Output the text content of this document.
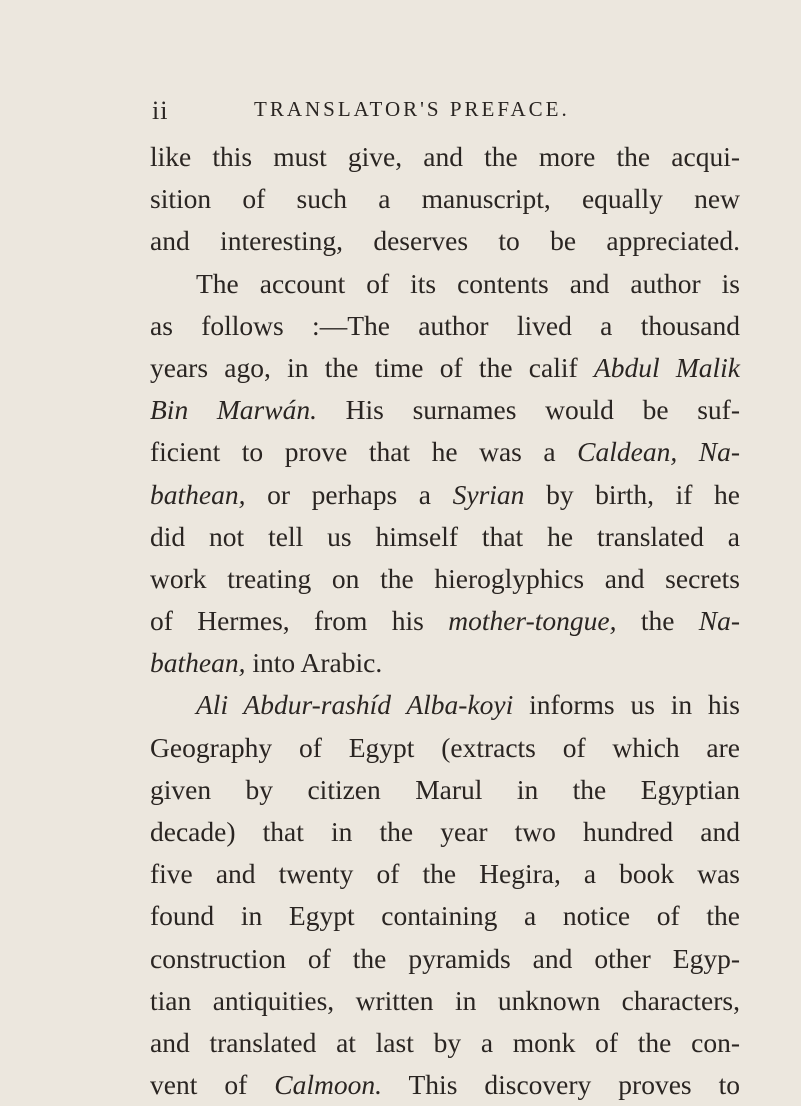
ii	TRANSLATOR'S PREFACE.
like this must give, and the more the acqui-
sition of such a manuscript, equally new
and interesting, deserves to be appreciated.
The account of its contents and author is
as follows :—The author lived a thousand
years ago, in the time of the calif Abdul Malik
Bin Marwán. His surnames would be suf-
ficient to prove that he was a Caldean, Na-
bathean, or perhaps a Syrian by birth, if he
did not tell us himself that he translated a
work treating on the hieroglyphics and secrets
of Hermes, from his mother-tongue, the Na-
bathean, into Arabic.
Ali Abdur-rashíd Alba-koyi informs us in his
Geography of Egypt (extracts of which are
given by citizen Marul in the Egyptian
decade) that in the year two hundred and
five and twenty of the Hegira, a book was
found in Egypt containing a notice of the
construction of the pyramids and other Egyp-
tian antiquities, written in unknown characters,
and translated at last by a monk of the con-
vent of Calmoon. This discovery proves to
